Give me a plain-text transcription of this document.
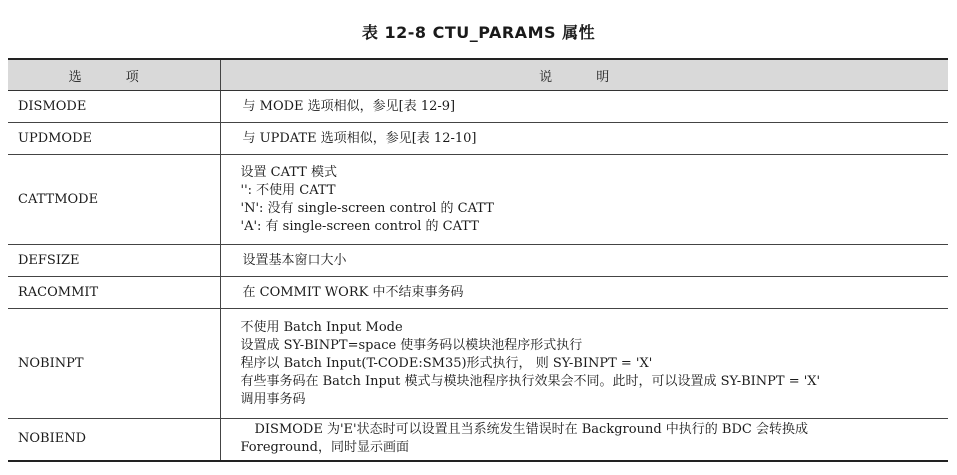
表 12-8 CTU_PARAMS 属性
选 项	说 明
DISMODE	与 MODE 选项相似，参见[表 12-9]

UPDMODE	与 UPDATE 选项相似，参见[表 12-10]

CATTMODE	设置 CATT 模式
'': 不使用 CATT
'N': 没有 single-screen control 的 CATT
'A': 有 single-screen control 的 CATT

DEFSIZE	设置基本窗口大小

RACOMMIT	在 COMMIT WORK 中不结束事务码

NOBINPT	不使用 Batch Input Mode
设置成 SY-BINPT=space 使事务码以模块池程序形式执行
程序以 Batch Input(T-CODE:SM35)形式执行， 则 SY-BINPT = 'X'
有些事务码在 Batch Input 模式与模块池程序执行效果会不同。此时，可以设置成 SY-BINPT = 'X'
调用事务码

NOBIEND	DISMODE 为'E'状态时可以设置且当系统发生错误时在 Background 中执行的 BDC 会转换成
Foreground，同时显示画面
